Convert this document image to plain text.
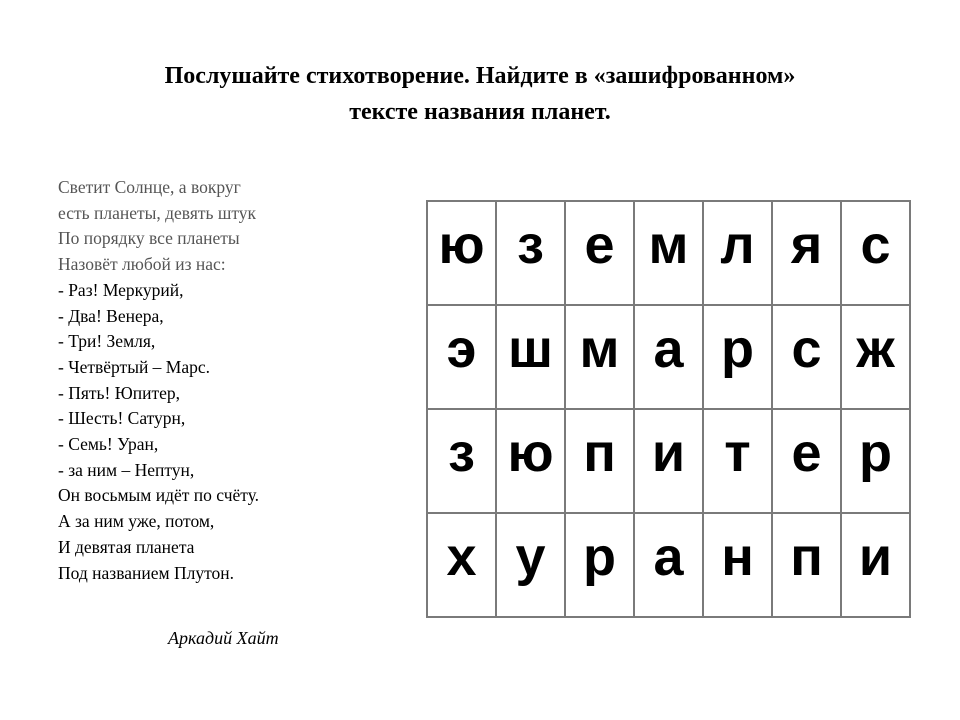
Послушайте стихотворение. Найдите в «зашифрованном»
тексте названия планет.
Светит Солнце, а вокруг
есть планеты, девять штук
По порядку все планеты
Назовёт любой из нас:
- Раз! Меркурий,
- Два! Венера,
- Три! Земля,
- Четвёртый – Марс.
- Пять! Юпитер,
- Шесть! Сатурн,
- Семь! Уран,
- за ним – Нептун,
Он восьмым идёт по счёту.
А за ним уже, потом,
И девятая планета
Под названием Плутон.
Аркадий Хайт
ю	з	е	м	л	я	с

э	ш	м	а	р	с	ж

з	ю	п	и	т	е	р

х	у	р	а	н	п	и
